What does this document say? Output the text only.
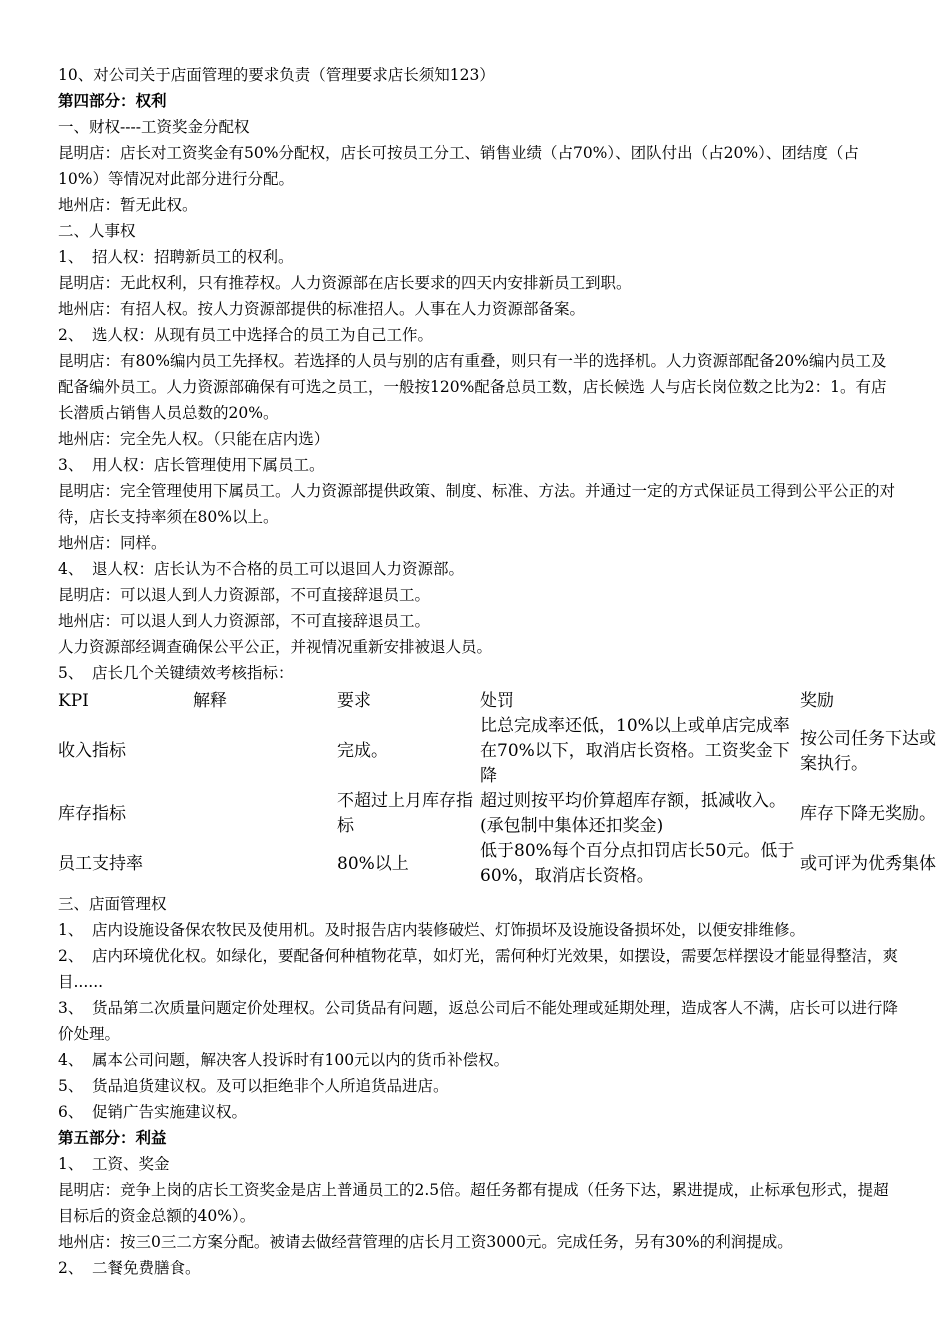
10、对公司关于店面管理的要求负责（管理要求店长须知123）

第四部分：权利

一、财权----工资奖金分配权

昆明店：店长对工资奖金有50%分配权，店长可按员工分工、销售业绩（占70%）、团队付出（占20%）、团结度（占10%）等情况对此部分进行分配。

地州店：暂无此权。

二、人事权

1、 招人权：招聘新员工的权利。

昆明店：无此权利，只有推荐权。人力资源部在店长要求的四天内安排新员工到职。

地州店：有招人权。按人力资源部提供的标准招人。人事在人力资源部备案。

2、 选人权：从现有员工中选择合的员工为自己工作。

昆明店：有80%编内员工先择权。若选择的人员与别的店有重叠，则只有一半的选择机。人力资源部配备20%编内员工及配备编外员工。人力资源部确保有可选之员工，一般按120%配备总员工数，店长候选 人与店长岗位数之比为2：1。有店长潜质占销售人员总数的20%。

地州店：完全先人权。（只能在店内选）

3、 用人权：店长管理使用下属员工。

昆明店：完全管理使用下属员工。人力资源部提供政策、制度、标准、方法。并通过一定的方式保证员工得到公平公正的对待，店长支持率须在80%以上。

地州店：同样。

4、 退人权：店长认为不合格的员工可以退回人力资源部。

昆明店：可以退人到人力资源部，不可直接辞退员工。

地州店：可以退人到人力资源部，不可直接辞退员工。

人力资源部经调查确保公平公正，并视情况重新安排被退人员。

5、 店长几个关键绩效考核指标：

KPI	解释	要求	处罚	奖励
收入指标		完成。	比总完成率还低，10%以上或单店完成率在70%以下，取消店长资格。工资奖金下降	按公司任务下达或案执行。
库存指标		不超过上月库存指标	超过则按平均价算超库存额，抵减收入。(承包制中集体还扣奖金)	库存下降无奖励。
员工支持率		80%以上	低于80%每个百分点扣罚店长50元。低于60%，取消店长资格。	或可评为优秀集体

三、店面管理权

1、 店内设施设备保农牧民及使用机。及时报告店内装修破烂、灯饰损坏及设施设备损坏处，以便安排维修。

2、 店内环境优化权。如绿化，要配备何种植物花草，如灯光，需何种灯光效果，如摆设，需要怎样摆设才能显得整洁，爽目......

3、 货品第二次质量问题定价处理权。公司货品有问题，返总公司后不能处理或延期处理，造成客人不满，店长可以进行降价处理。

4、 属本公司问题，解决客人投诉时有100元以内的货币补偿权。

5、 货品追货建议权。及可以拒绝非个人所追货品进店。

6、 促销广告实施建议权。

第五部分：利益

1、 工资、奖金

昆明店：竞争上岗的店长工资奖金是店上普通员工的2.5倍。超任务都有提成（任务下达，累进提成，止标承包形式，提超目标后的资金总额的40%）。

地州店：按三0三二方案分配。被请去做经营管理的店长月工资3000元。完成任务，另有30%的利润提成。

2、 二餐免费膳食。
